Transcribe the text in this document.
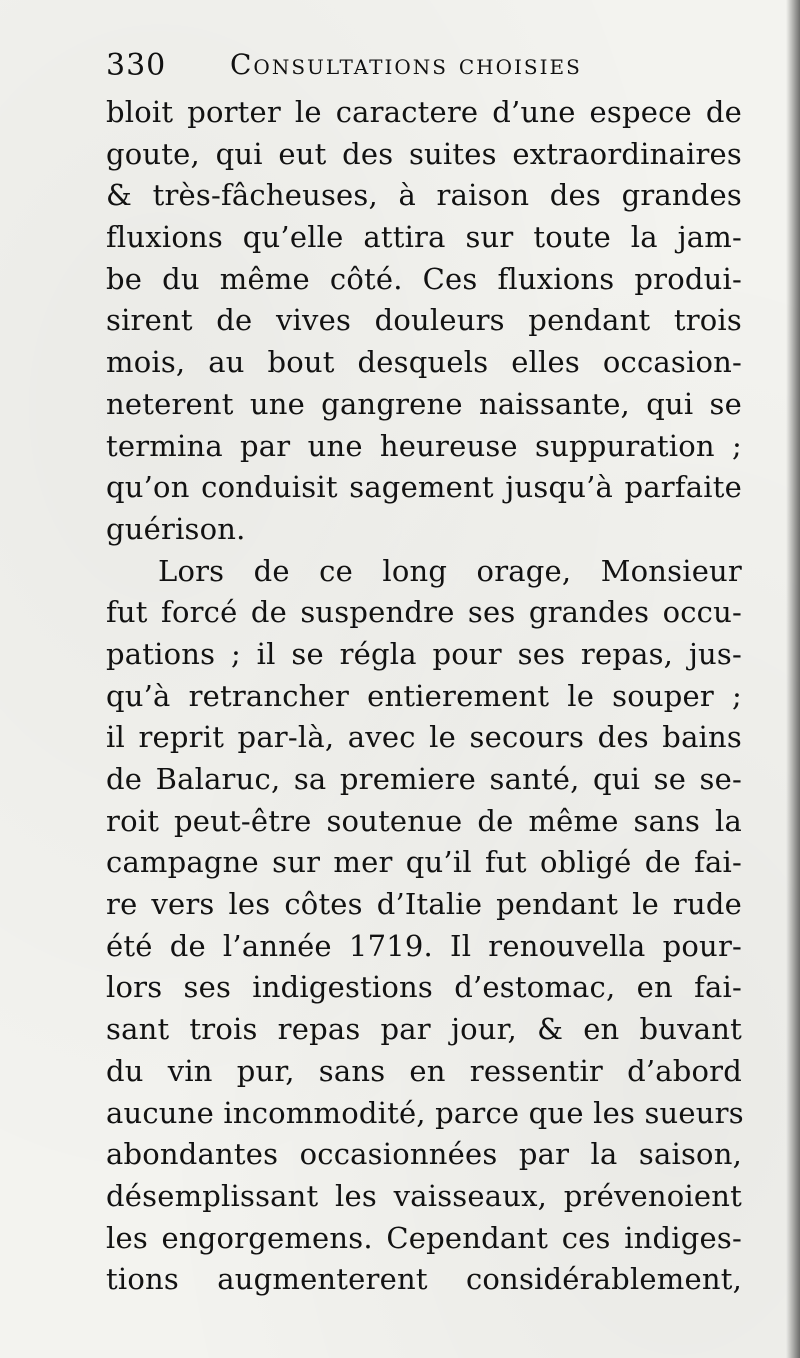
330 Consultations choisies
bloit porter le caractere d’une espece de
goute, qui eut des suites extraordinaires
& très-fâcheuses, à raison des grandes
fluxions qu’elle attira sur toute la jam-
be du même côté. Ces fluxions produi-
sirent de vives douleurs pendant trois
mois, au bout desquels elles occasion-
neterent une gangrene naissante, qui se
termina par une heureuse suppuration ;
qu’on conduisit sagement jusqu’à parfaite
guérison.
Lors de ce long orage, Monsieur
fut forcé de suspendre ses grandes occu-
pations ; il se régla pour ses repas, jus-
qu’à retrancher entierement le souper ;
il reprit par-là, avec le secours des bains
de Balaruc, sa premiere santé, qui se se-
roit peut-être soutenue de même sans la
campagne sur mer qu’il fut obligé de fai-
re vers les côtes d’Italie pendant le rude
été de l’année 1719. Il renouvella pour-
lors ses indigestions d’estomac, en fai-
sant trois repas par jour, & en buvant
du vin pur, sans en ressentir d’abord
aucune incommodité, parce que les sueurs
abondantes occasionnées par la saison,
désemplissant les vaisseaux, prévenoient
les engorgemens. Cependant ces indiges-
tions augmenterent considérablement,
